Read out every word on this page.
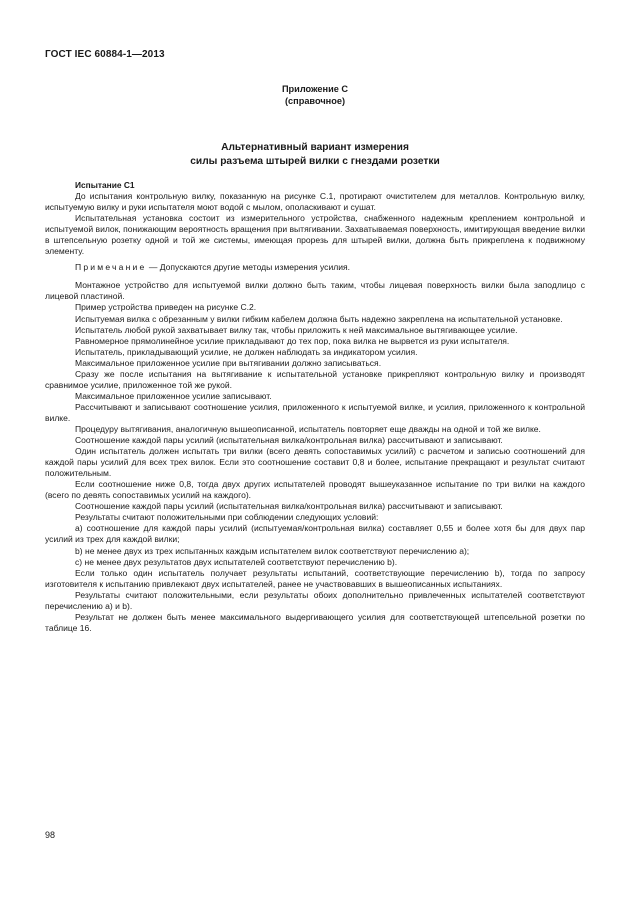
ГОСТ IEC 60884-1—2013
Приложение С
(справочное)
Альтернативный вариант измерения
силы разъема штырей вилки с гнездами розетки

Испытание С1

До испытания контрольную вилку, показанную на рисунке С.1, протирают очистителем для металлов. Контрольную вилку, испытуемую вилку и руки испытателя моют водой с мылом, ополаскивают и сушат.

Испытательная установка состоит из измерительного устройства, снабженного надежным креплением контрольной и испытуемой вилок, понижающим вероятность вращения при вытягивании. Захватываемая поверхность, имитирующая введение вилки в штепсельную розетку одной и той же системы, имеющая прорезь для штырей вилки, должна быть прикреплена к подвижному элементу.

Примечание — Допускаются другие методы измерения усилия.

Монтажное устройство для испытуемой вилки должно быть таким, чтобы лицевая поверхность вилки была заподлицо с лицевой пластиной.

Пример устройства приведен на рисунке С.2.

Испытуемая вилка с обрезанным у вилки гибким кабелем должна быть надежно закреплена на испытательной установке.

Испытатель любой рукой захватывает вилку так, чтобы приложить к ней максимальное вытягивающее усилие.

Равномерное прямолинейное усилие прикладывают до тех пор, пока вилка не вырвется из руки испытателя.

Испытатель, прикладывающий усилие, не должен наблюдать за индикатором усилия.

Максимальное приложенное усилие при вытягивании должно записываться.

Сразу же после испытания на вытягивание к испытательной установке прикрепляют контрольную вилку и производят сравнимое усилие, приложенное той же рукой.

Максимальное приложенное усилие записывают.

Рассчитывают и записывают соотношение усилия, приложенного к испытуемой вилке, и усилия, приложенного к контрольной вилке.

Процедуру вытягивания, аналогичную вышеописанной, испытатель повторяет еще дважды на одной и той же вилке.

Соотношение каждой пары усилий (испытательная вилка/контрольная вилка) рассчитывают и записывают.

Один испытатель должен испытать три вилки (всего девять сопоставимых усилий) с расчетом и записью соотношений для каждой пары усилий для всех трех вилок. Если это соотношение составит 0,8 и более, испытание прекращают и результат считают положительным.

Если соотношение ниже 0,8, тогда двух других испытателей проводят вышеуказанное испытание по три вилки на каждого (всего по девять сопоставимых усилий на каждого).

Соотношение каждой пары усилий (испытательная вилка/контрольная вилка) рассчитывают и записывают.

Результаты считают положительными при соблюдении следующих условий:

а) соотношение для каждой пары усилий (испытуемая/контрольная вилка) составляет 0,55 и более хотя бы для двух пар усилий из трех для каждой вилки;

b) не менее двух из трех испытанных каждым испытателем вилок соответствуют перечислению а);

с) не менее двух результатов двух испытателей соответствуют перечислению b).

Если только один испытатель получает результаты испытаний, соответствующие перечислению b), тогда по запросу изготовителя к испытанию привлекают двух испытателей, ранее не участвовавших в вышеописанных испытаниях.

Результаты считают положительными, если результаты обоих дополнительно привлеченных испытателей соответствуют перечислению а) и b).

Результат не должен быть менее максимального выдергивающего усилия для соответствующей штепсельной розетки по таблице 16.

98
